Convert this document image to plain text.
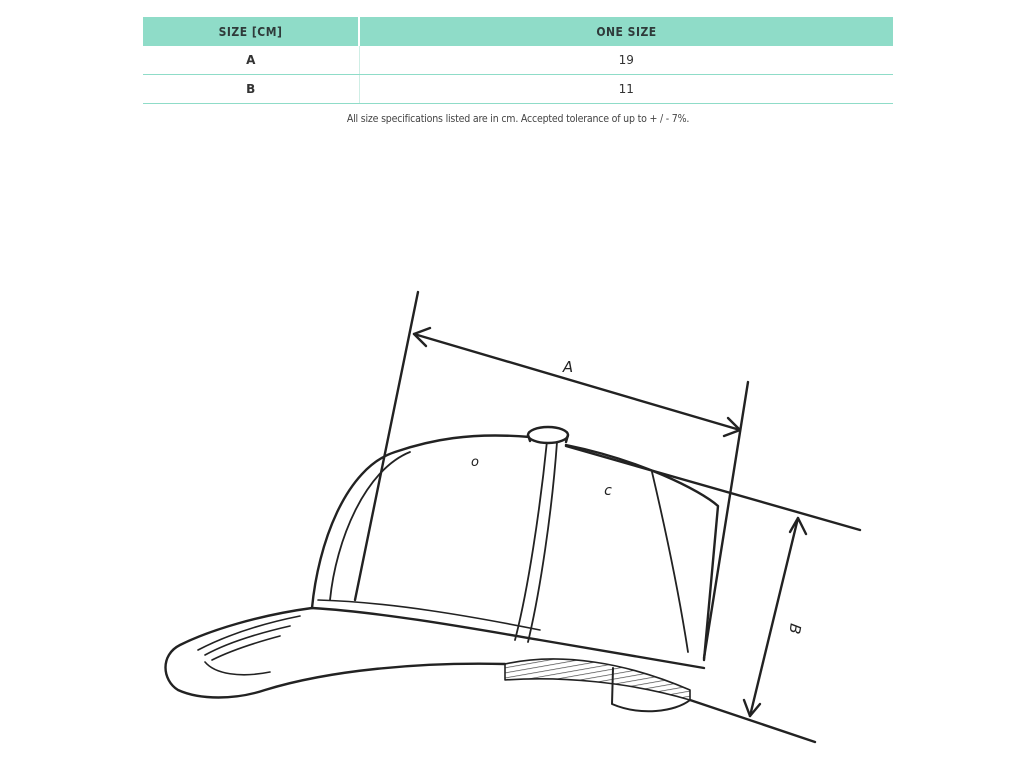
SIZE [CM]	ONE SIZE
A	19
B	11
All size specifications listed are in cm. Accepted tolerance of up to + / - 7%.
A
B
o
c
